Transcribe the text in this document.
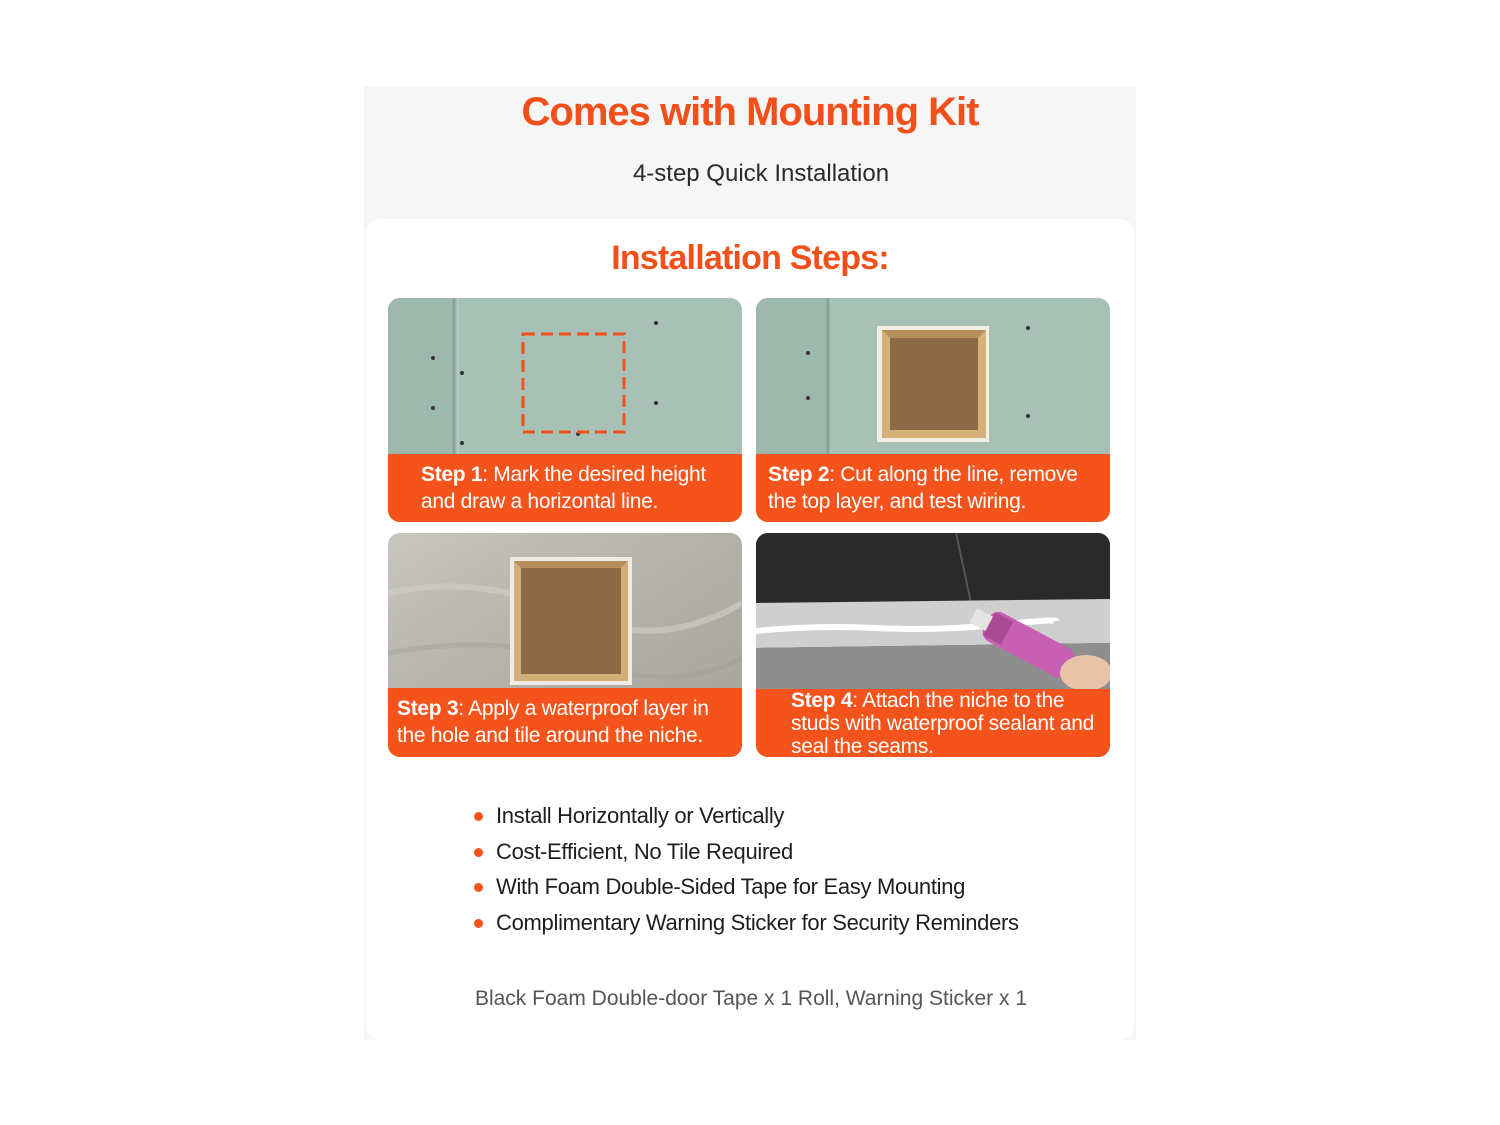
Comes with Mounting Kit
4-step Quick Installation
Installation Steps:
Step 1: Mark the desired height and draw a horizontal line.
Step 2: Cut along the line, remove the top layer, and test wiring.
Step 3: Apply a waterproof layer in the hole and tile around the niche.
Step 4: Attach the niche to the studs with waterproof sealant and seal the seams.
Install Horizontally or Vertically
Cost-Efficient, No Tile Required
With Foam Double-Sided Tape for Easy Mounting
Complimentary Warning Sticker for Security Reminders
Black Foam Double-door Tape x 1 Roll, Warning Sticker x 1
